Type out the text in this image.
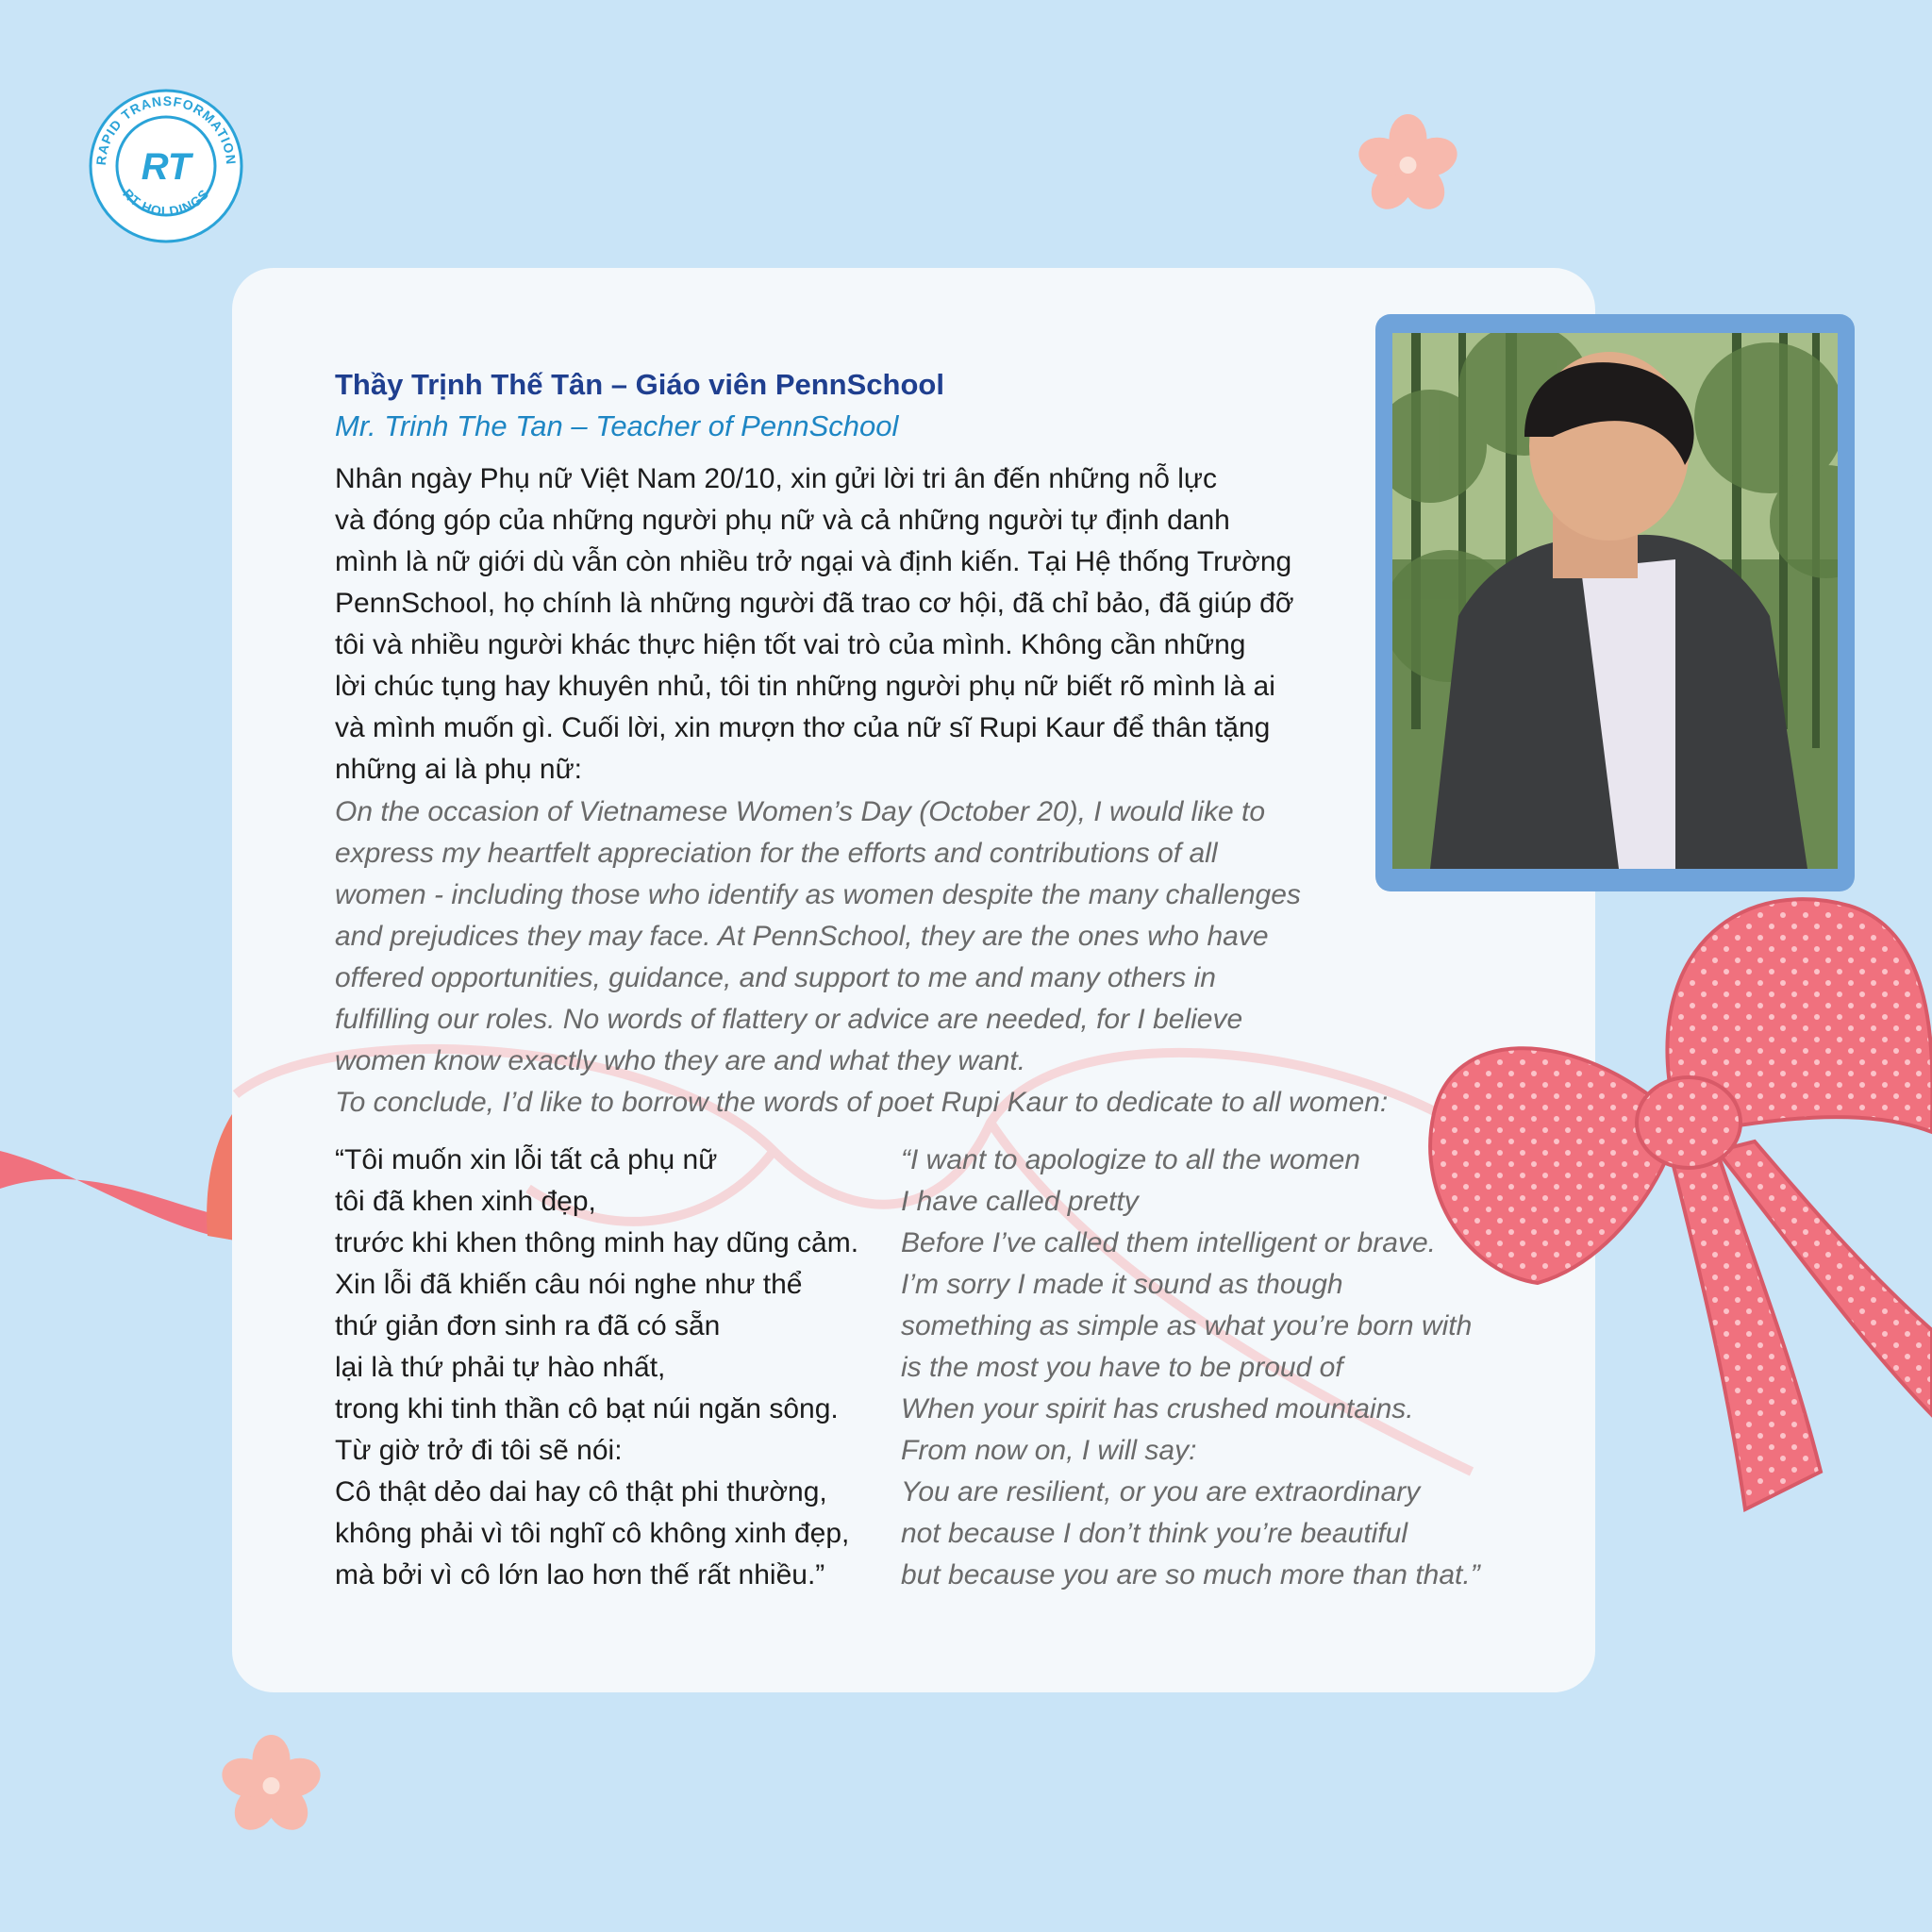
RAPID TRANSFORMATION
RT HOLDINGS
RT
Thầy Trịnh Thế Tân – Giáo viên PennSchool
Mr. Trinh The Tan – Teacher of PennSchool
Nhân ngày Phụ nữ Việt Nam 20/10, xin gửi lời tri ân đến những nỗ lực
và đóng góp của những người phụ nữ và cả những người tự định danh
mình là nữ giới dù vẫn còn nhiều trở ngại và định kiến. Tại Hệ thống Trường
PennSchool, họ chính là những người đã trao cơ hội, đã chỉ bảo, đã giúp đỡ
tôi và nhiều người khác thực hiện tốt vai trò của mình. Không cần những
lời chúc tụng hay khuyên nhủ, tôi tin những người phụ nữ biết rõ mình là ai
và mình muốn gì. Cuối lời, xin mượn thơ của nữ sĩ Rupi Kaur để thân tặng
những ai là phụ nữ:
On the occasion of Vietnamese Women’s Day (October 20), I would like to
express my heartfelt appreciation for the efforts and contributions of all
women - including those who identify as women despite the many challenges
and prejudices they may face. At PennSchool, they are the ones who have
offered opportunities, guidance, and support to me and many others in
fulfilling our roles. No words of flattery or advice are needed, for I believe
women know exactly who they are and what they want.
To conclude, I’d like to borrow the words of poet Rupi Kaur to dedicate to all women:
“Tôi muốn xin lỗi tất cả phụ nữ
tôi đã khen xinh đẹp,
trước khi khen thông minh hay dũng cảm.
Xin lỗi đã khiến câu nói nghe như thể
thứ giản đơn sinh ra đã có sẵn
lại là thứ phải tự hào nhất,
trong khi tinh thần cô bạt núi ngăn sông.
Từ giờ trở đi tôi sẽ nói:
Cô thật dẻo dai hay cô thật phi thường,
không phải vì tôi nghĩ cô không xinh đẹp,
mà bởi vì cô lớn lao hơn thế rất nhiều.”
“I want to apologize to all the women
I have called pretty
Before I’ve called them intelligent or brave.
I’m sorry I made it sound as though
something as simple as what you’re born with
is the most you have to be proud of
When your spirit has crushed mountains.
From now on, I will say:
You are resilient, or you are extraordinary
not because I don’t think you’re beautiful
but because you are so much more than that.”
